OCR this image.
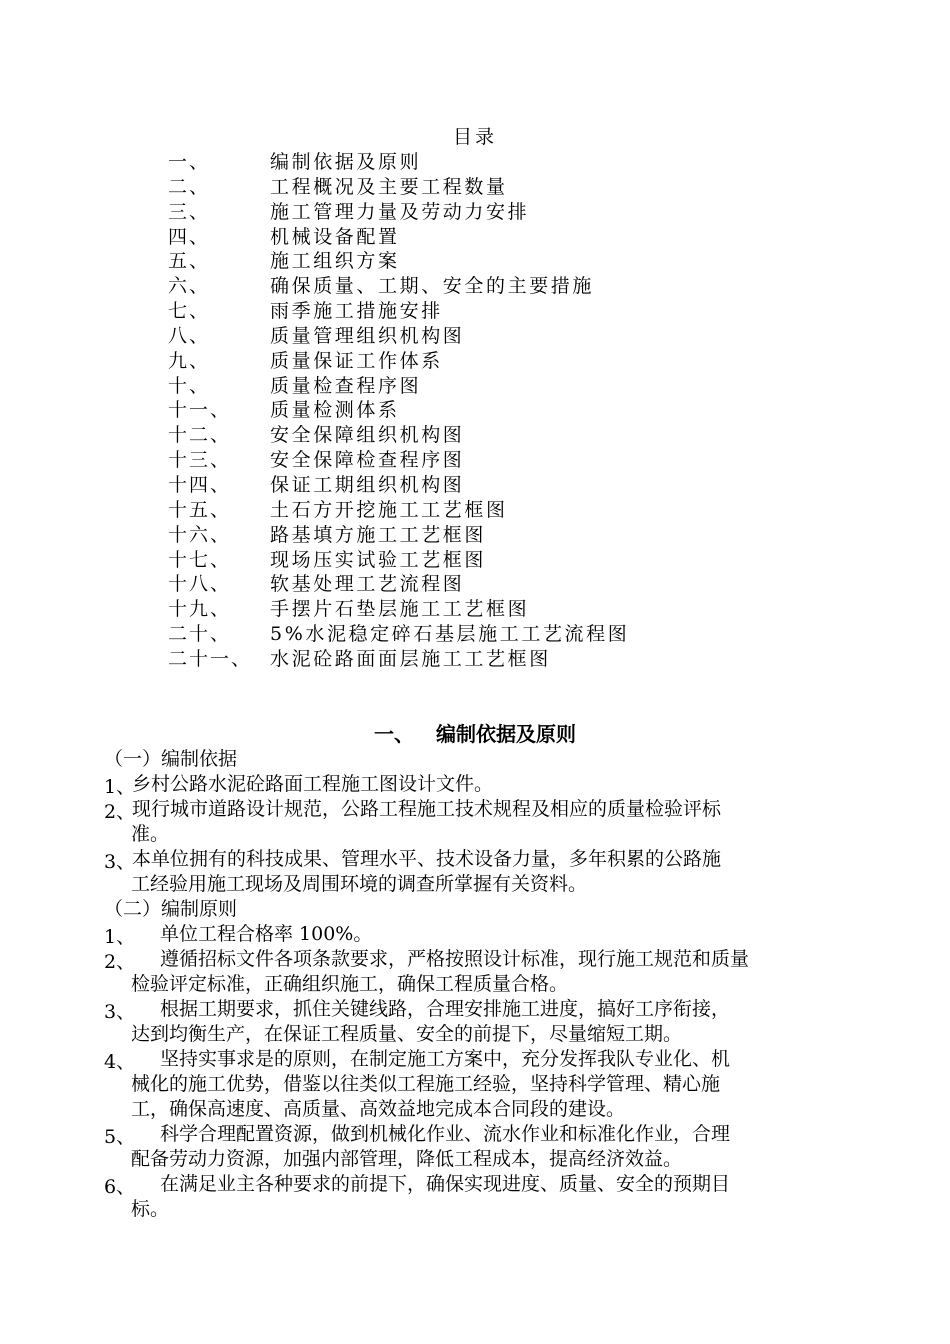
目录
一、	编制依据及原则
二、	工程概况及主要工程数量
三、	施工管理力量及劳动力安排
四、	机械设备配置
五、	施工组织方案
六、	确保质量、工期、安全的主要措施
七、	雨季施工措施安排
八、	质量管理组织机构图
九、	质量保证工作体系
十、	质量检查程序图
十一、 质量检测体系
十二、 安全保障组织机构图
十三、 安全保障检查程序图
十四、 保证工期组织机构图
十五、 土石方开挖施工工艺框图
十六、 路基填方施工工艺框图
十七、 现场压实试验工艺框图
十八、 软基处理工艺流程图
十九、 手摆片石垫层施工工艺框图
二十、 5%水泥稳定碎石基层施工工艺流程图
二十一、 水泥砼路面面层施工工艺框图
一、 编制依据及原则
（一）编制依据
1、
乡村公路水泥砼路面工程施工图设计文件。
2、
现行城市道路设计规范，公路工程施工技术规程及相应的质量检验评标
准。
3、
本单位拥有的科技成果、管理水平、技术设备力量，多年积累的公路施
工经验用施工现场及周围环境的调查所掌握有关资料。
（二）编制原则
1、	单位工程合格率 100%。
2、	遵循招标文件各项条款要求，严格按照设计标准，现行施工规范和质量
检验评定标准，正确组织施工，确保工程质量合格。
3、	根据工期要求，抓住关键线路，合理安排施工进度，搞好工序衔接，
达到均衡生产，在保证工程质量、安全的前提下，尽量缩短工期。
4、	坚持实事求是的原则，在制定施工方案中，充分发挥我队专业化、机
械化的施工优势，借鉴以往类似工程施工经验，坚持科学管理、精心施
工，确保高速度、高质量、高效益地完成本合同段的建设。
5、	科学合理配置资源，做到机械化作业、流水作业和标准化作业，合理
配备劳动力资源，加强内部管理，降低工程成本，提高经济效益。
6、	在满足业主各种要求的前提下，确保实现进度、质量、安全的预期目
标。
